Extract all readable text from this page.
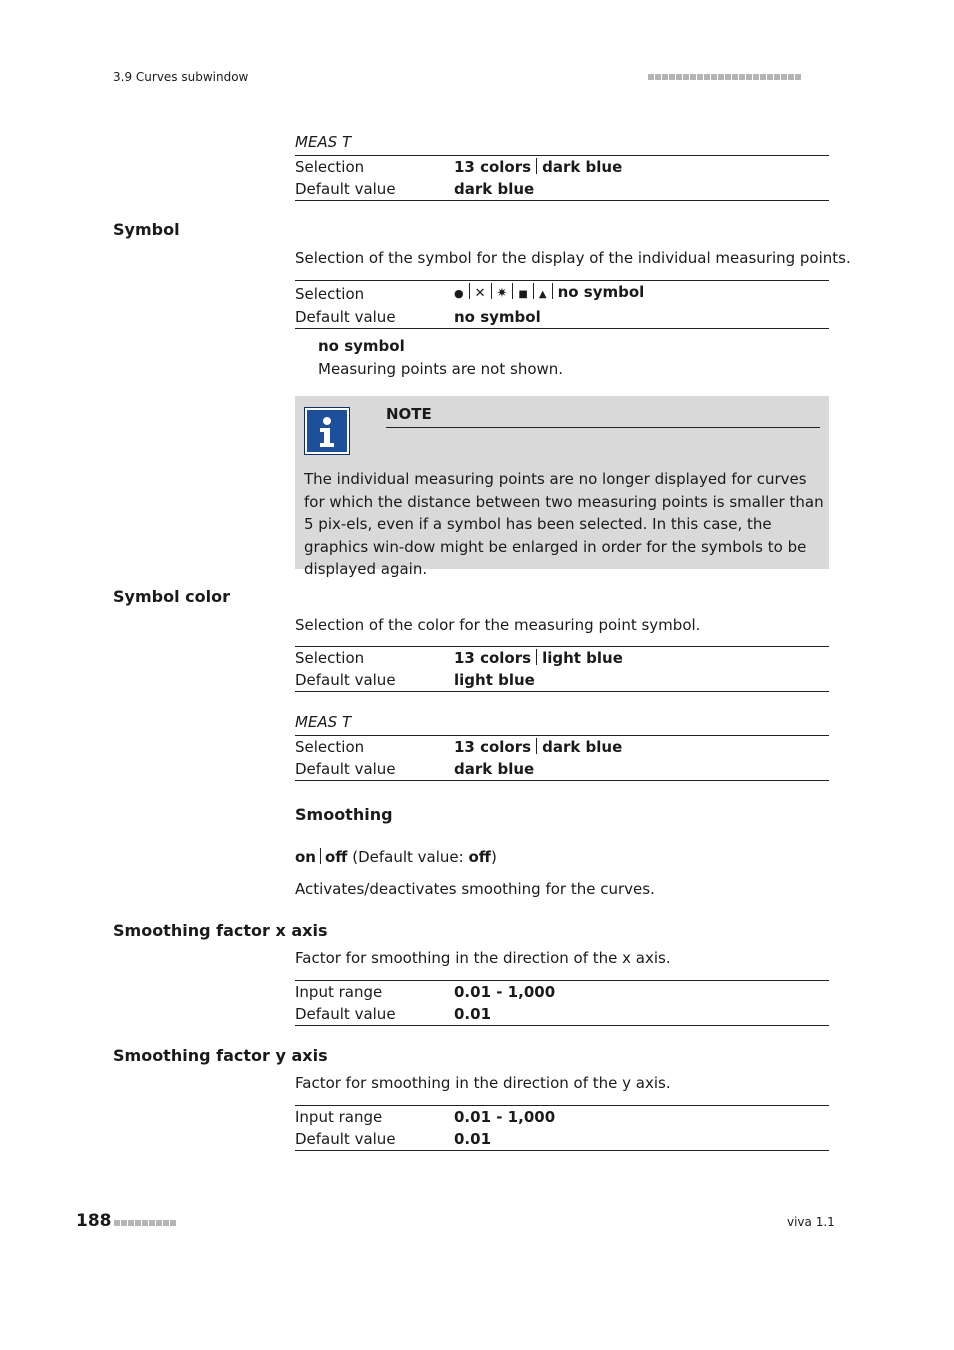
3.9 Curves subwindow
MEAS T
Selection	13 colors dark blue
Default value	dark blue
Symbol
Selection of the symbol for the display of the individual measuring points.
Selection	● ✕ ✷ ■ ▲ no symbol
Default value	no symbol
no symbol
Measuring points are not shown.
NOTE
The individual measuring points are no longer displayed for curves for which the distance between two measuring points is smaller than 5 pix-els, even if a symbol has been selected. In this case, the graphics win-dow might be enlarged in order for the symbols to be displayed again.
Symbol color
Selection of the color for the measuring point symbol.
Selection	13 colors light blue
Default value	light blue
MEAS T
Selection	13 colors dark blue
Default value	dark blue
Smoothing
on off (Default value: off)
Activates/deactivates smoothing for the curves.
Smoothing factor x axis
Factor for smoothing in the direction of the x axis.
Input range	0.01 - 1,000
Default value	0.01
Smoothing factor y axis
Factor for smoothing in the direction of the y axis.
Input range	0.01 - 1,000
Default value	0.01
188	viva 1.1
